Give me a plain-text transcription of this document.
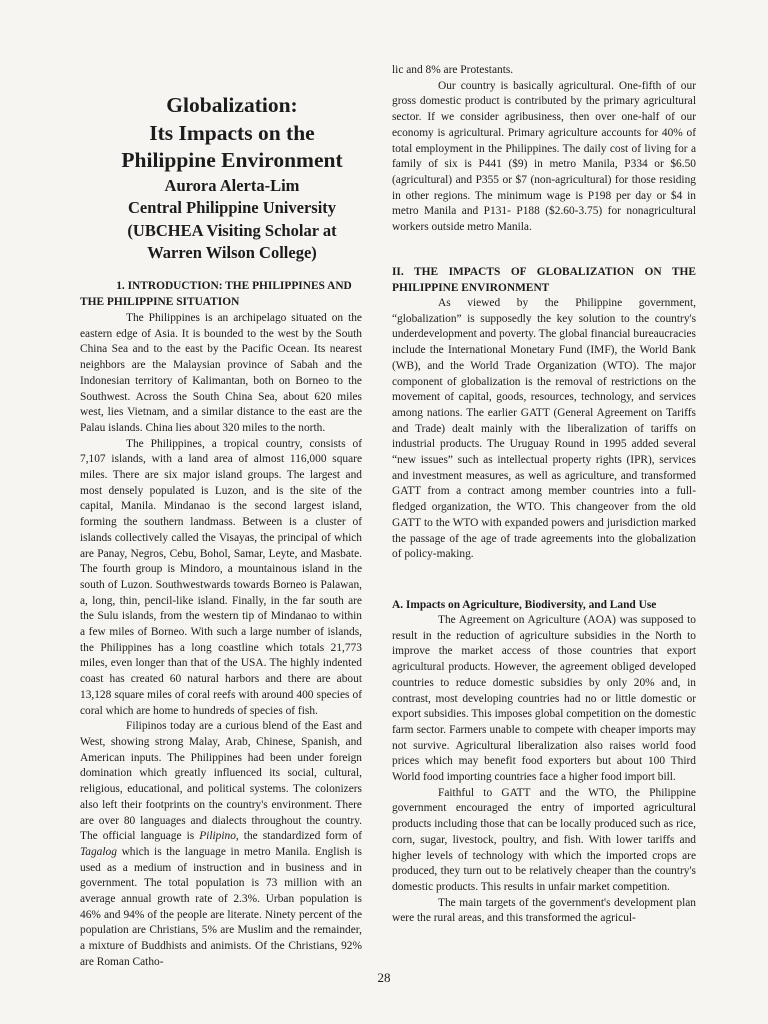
Globalization:
Its Impacts on the
Philippine Environment
Aurora Alerta-Lim
Central Philippine University
(UBCHEA Visiting Scholar at
Warren Wilson College)
1. INTRODUCTION: THE PHILIPPINES AND
THE PHILIPPINE SITUATION

The Philippines is an archipelago situated on the eastern edge of Asia. It is bounded to the west by the South China Sea and to the east by the Pacific Ocean. Its nearest neighbors are the Malaysian province of Sabah and the Indonesian territory of Kalimantan, both on Borneo to the Southwest. Across the South China Sea, about 620 miles west, lies Vietnam, and a similar distance to the east are the Palau islands. China lies about 320 miles to the north.

The Philippines, a tropical country, consists of 7,107 islands, with a land area of almost 116,000 square miles. There are six major island groups. The largest and most densely populated is Luzon, and is the site of the capital, Manila. Mindanao is the second largest island, forming the southern landmass. Between is a cluster of islands collectively called the Visayas, the principal of which are Panay, Negros, Cebu, Bohol, Samar, Leyte, and Masbate. The fourth group is Mindoro, a mountainous island in the south of Luzon. Southwestwards towards Borneo is Palawan, a, long, thin, pencil-like island. Finally, in the far south are the Sulu islands, from the western tip of Mindanao to within a few miles of Borneo. With such a large number of islands, the Philippines has a long coastline which totals 21,773 miles, even longer than that of the USA. The highly indented coast has created 60 natural harbors and there are about 13,128 square miles of coral reefs with around 400 species of coral which are home to hundreds of species of fish.

Filipinos today are a curious blend of the East and West, showing strong Malay, Arab, Chinese, Spanish, and American inputs. The Philippines had been under foreign domination which greatly influenced its social, cultural, religious, educational, and political systems. The colonizers also left their footprints on the country's environment. There are over 80 languages and dialects throughout the country. The official language is Pilipino, the standardized form of Tagalog which is the language in metro Manila. English is used as a medium of instruction and in business and in government. The total population is 73 million with an average annual growth rate of 2.3%. Urban population is 46% and 94% of the people are literate. Ninety percent of the population are Christians, 5% are Muslim and the remainder, a mixture of Buddhists and animists. Of the Christians, 92% are Roman Catho-

lic and 8% are Protestants.

Our country is basically agricultural. One-fifth of our gross domestic product is contributed by the primary agricultural sector. If we consider agribusiness, then over one-half of our economy is agricultural. Primary agriculture accounts for 40% of total employment in the Philippines. The daily cost of living for a family of six is P441 ($9) in metro Manila, P334 or $6.50 (agricultural) and P355 or $7 (non-agricultural) for those residing in other regions. The minimum wage is P198 per day or $4 in metro Manila and P131- P188 ($2.60-3.75) for nonagricultural workers outside metro Manila.

II. THE IMPACTS OF GLOBALIZATION ON THE PHILIPPINE ENVIRONMENT

As viewed by the Philippine government, “globalization” is supposedly the key solution to the country's underdevelopment and poverty. The global financial bureaucracies include the International Monetary Fund (IMF), the World Bank (WB), and the World Trade Organization (WTO). The major component of globalization is the removal of restrictions on the movement of capital, goods, resources, technology, and services among nations. The earlier GATT (General Agreement on Tariffs and Trade) dealt mainly with the liberalization of tariffs on industrial products. The Uruguay Round in 1995 added several “new issues” such as intellectual property rights (IPR), services and investment measures, as well as agriculture, and transformed GATT from a contract among member countries into a full-fledged organization, the WTO. This changeover from the old GATT to the WTO with expanded powers and jurisdiction marked the passage of the age of trade agreements into the globalization of policy-making.

A. Impacts on Agriculture, Biodiversity, and Land Use

The Agreement on Agriculture (AOA) was supposed to result in the reduction of agriculture subsidies in the North to improve the market access of those countries that export agricultural products. However, the agreement obliged developed countries to reduce domestic subsidies by only 20% and, in contrast, most developing countries had no or little domestic or export subsidies. This imposes global competition on the domestic farm sector. Farmers unable to compete with cheaper imports may not survive. Agricultural liberalization also raises world food prices which may benefit food exporters but about 100 Third World food importing countries face a higher food import bill.

Faithful to GATT and the WTO, the Philippine government encouraged the entry of imported agricultural products including those that can be locally produced such as rice, corn, sugar, livestock, poultry, and fish. With lower tariffs and higher levels of technology with which the imported crops are produced, they turn out to be relatively cheaper than the country's domestic products. This results in unfair market competition.

The main targets of the government's development plan were the rural areas, and this transformed the agricul-

28
